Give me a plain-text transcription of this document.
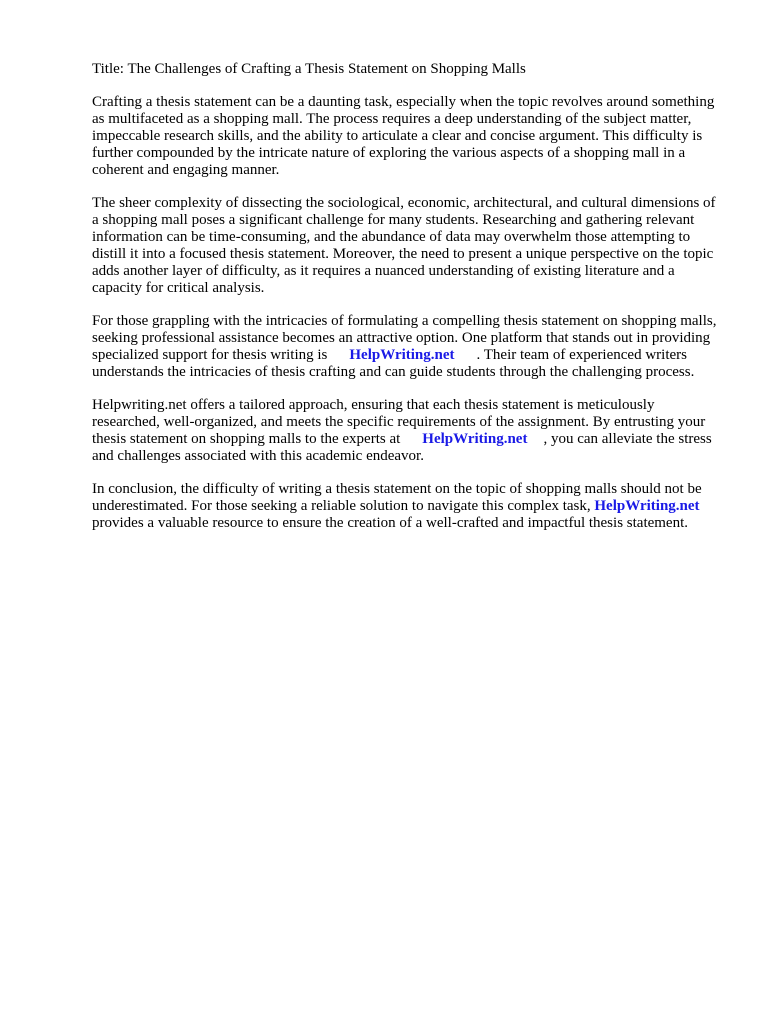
Title: The Challenges of Crafting a Thesis Statement on Shopping Malls

Crafting a thesis statement can be a daunting task, especially when the topic revolves around something as multifaceted as a shopping mall. The process requires a deep understanding of the subject matter, impeccable research skills, and the ability to articulate a clear and concise argument. This difficulty is further compounded by the intricate nature of exploring the various aspects of a shopping mall in a coherent and engaging manner.

The sheer complexity of dissecting the sociological, economic, architectural, and cultural dimensions of a shopping mall poses a significant challenge for many students. Researching and gathering relevant information can be time-consuming, and the abundance of data may overwhelm those attempting to distill it into a focused thesis statement. Moreover, the need to present a unique perspective on the topic adds another layer of difficulty, as it requires a nuanced understanding of existing literature and a capacity for critical analysis.

For those grappling with the intricacies of formulating a compelling thesis statement on shopping malls, seeking professional assistance becomes an attractive option. One platform that stands out in providing specialized support for thesis writing is HelpWriting.net . Their team of experienced writers understands the intricacies of thesis crafting and can guide students through the challenging process.

Helpwriting.net offers a tailored approach, ensuring that each thesis statement is meticulously researched, well-organized, and meets the specific requirements of the assignment. By entrusting your thesis statement on shopping malls to the experts at HelpWriting.net , you can alleviate the stress and challenges associated with this academic endeavor.

In conclusion, the difficulty of writing a thesis statement on the topic of shopping malls should not be underestimated. For those seeking a reliable solution to navigate this complex task, HelpWriting.netprovides a valuable resource to ensure the creation of a well-crafted and impactful thesis statement.
